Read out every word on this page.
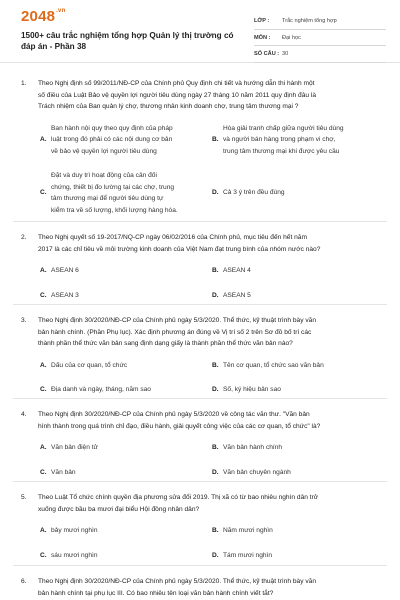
$2048^{.vn}$
1500+ câu trắc nghiệm tổng hợp Quản lý thị trường có đáp án - Phần 38
LỚP :	Trắc nghiệm tổng hợp
MÔN :	Đại học
SỐ CÂU : 30
1. Theo Nghị định số 99/2011/NĐ-CP của Chính phủ Quy định chi tiết và hướng dẫn thi hành một
số điều của Luật Bảo vệ quyền lợi người tiêu dùng ngày 27 tháng 10 năm 2011 quy định đâu là
Trách nhiệm của Ban quản lý chợ, thương nhân kinh doanh chợ, trung tâm thương mại ?
A.
Ban hành nội quy theo quy định của pháp
luật trong đó phải có các nội dung cơ bản
về bảo vệ quyền lợi người tiêu dùng
B.
Hòa giải tranh chấp giữa người tiêu dùng
và người bán hàng trong phạm vi chợ,
trung tâm thương mại khi được yêu cầu
C.
Đặt và duy trì hoạt động của cân đối
chứng, thiết bị đo lường tại các chợ, trung
tâm thương mại để người tiêu dùng tự
kiểm tra về số lượng, khối lượng hàng hóa.
D. Cả 3 ý trên đều đúng
2. Theo Nghị quyết số 19-2017/NQ-CP ngày 06/02/2016 của Chính phủ, mục tiêu đến hết năm
2017 là các chỉ tiêu về môi trường kinh doanh của Việt Nam đạt trung bình của nhóm nước nào?
A. ASEAN 6	B. ASEAN 4
C. ASEAN 3	D. ASEAN 5
3. Theo Nghị định 30/2020/NĐ-CP của Chính phủ ngày 5/3/2020. Thể thức, kỹ thuật trình bày văn
bản hành chính. (Phần Phụ lục). Xác định phương án đúng về Vị trí số 2 trên Sơ đồ bố trí các
thành phần thể thức văn bản sang định dạng giấy là thành phần thể thức văn bản nào?
A. Dấu của cơ quan, tổ chức	B. Tên cơ quan, tổ chức sao văn bản
C. Địa danh và ngày, tháng, năm sao	D. Số, ký hiệu bản sao
4. Theo Nghị định 30/2020/NĐ-CP của Chính phủ ngày 5/3/2020 về công tác văn thư. "Văn bản
hình thành trong quá trình chỉ đạo, điều hành, giải quyết công việc của các cơ quan, tổ chức" là?
A. Văn bản điện tử	B. Văn bản hành chính
C. Văn bản	D. Văn bản chuyên ngành
5. Theo Luật Tổ chức chính quyền địa phương sửa đổi 2019. Thị xã có từ bao nhiêu nghìn dân trở
xuống được bầu ba mươi đại biểu Hội đồng nhân dân?
A. bảy mươi nghìn	B. Năm mươi nghìn
C. sáu mươi nghìn	D. Tám mươi nghìn
6. Theo Nghị định 30/2020/NĐ-CP của Chính phủ ngày 5/3/2020. Thể thức, kỹ thuật trình bày văn
bản hành chính tại phụ lục III. Có bao nhiêu tên loại văn bản hành chính viết tắt?
